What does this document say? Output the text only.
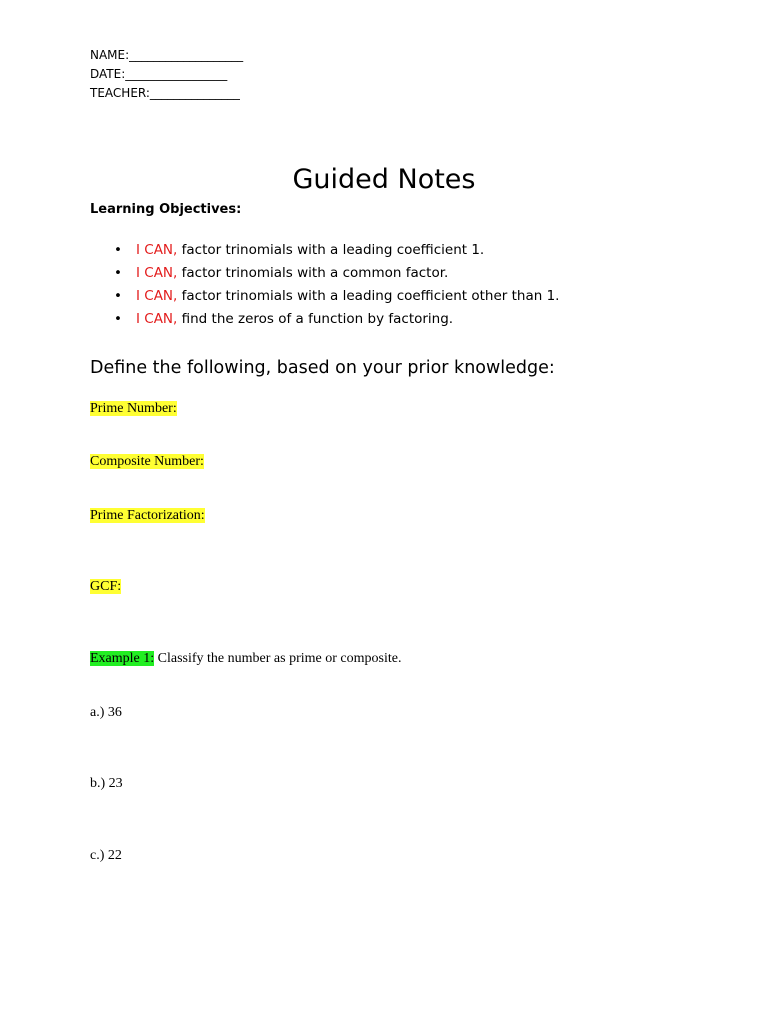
NAME:___________________
DATE:_________________
TEACHER:_______________
Guided Notes
Learning Objectives:
• I CAN, factor trinomials with a leading coefficient 1.
• I CAN, factor trinomials with a common factor.
• I CAN, factor trinomials with a leading coefficient other than 1.
• I CAN, find the zeros of a function by factoring.
Define the following, based on your prior knowledge:
Prime Number:
Composite Number:
Prime Factorization:
GCF:
Example 1: Classify the number as prime or composite.
a.) 36
b.) 23
c.) 22
